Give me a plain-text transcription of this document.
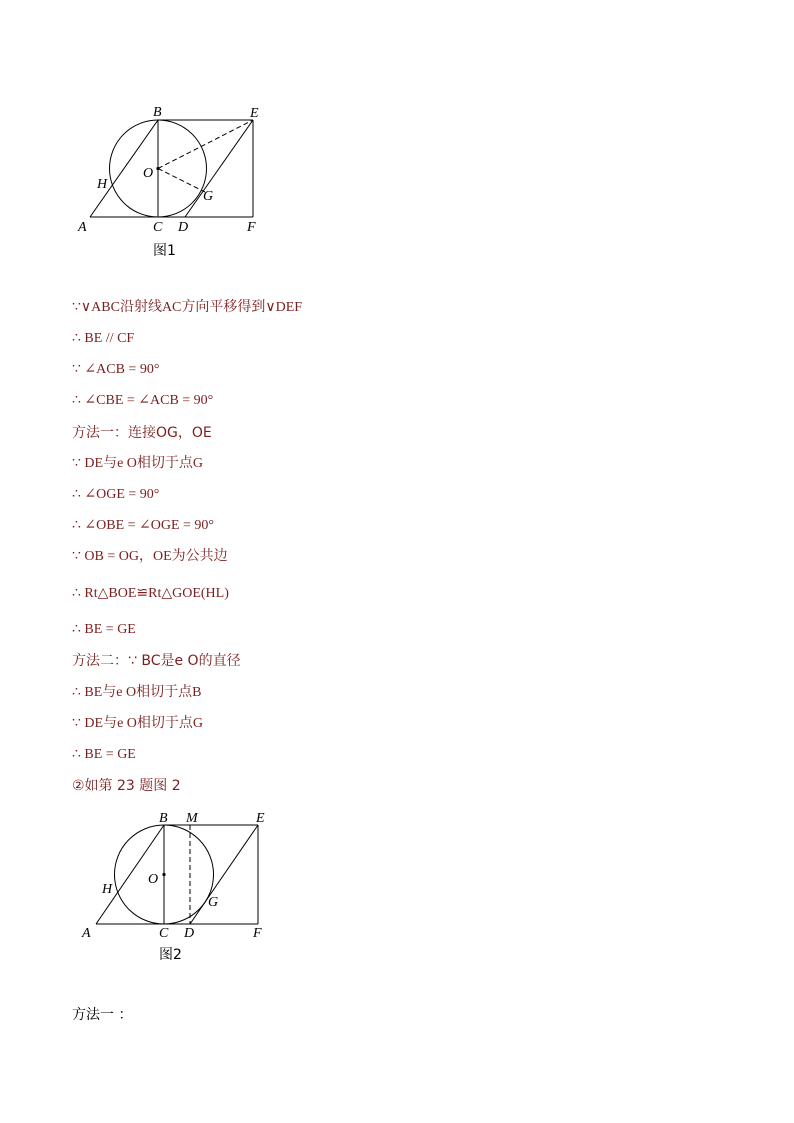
B	E
O
H
G
A	C D	F
图1
∵∨ABC沿射线AC方向平移得到∨DEF
∴ BE // CF
∵ ∠ACB = 90°
∴ ∠CBE = ∠ACB = 90°
方法一：连接OG，OE
∵ DE与e O相切于点G
∴ ∠OGE = 90°
∴ ∠OBE = ∠OGE = 90°
∵ OB = OG，OE为公共边
∴ Rt△BOE≌Rt△GOE(HL)
∴ BE = GE
方法二：∵ BC是e O的直径
∴ BE与e O相切于点B
∵ DE与e O相切于点G
∴ BE = GE
②如第 23 题图 2
B M	E
O
H
G
A	C D	F
图2
方法一 ：
